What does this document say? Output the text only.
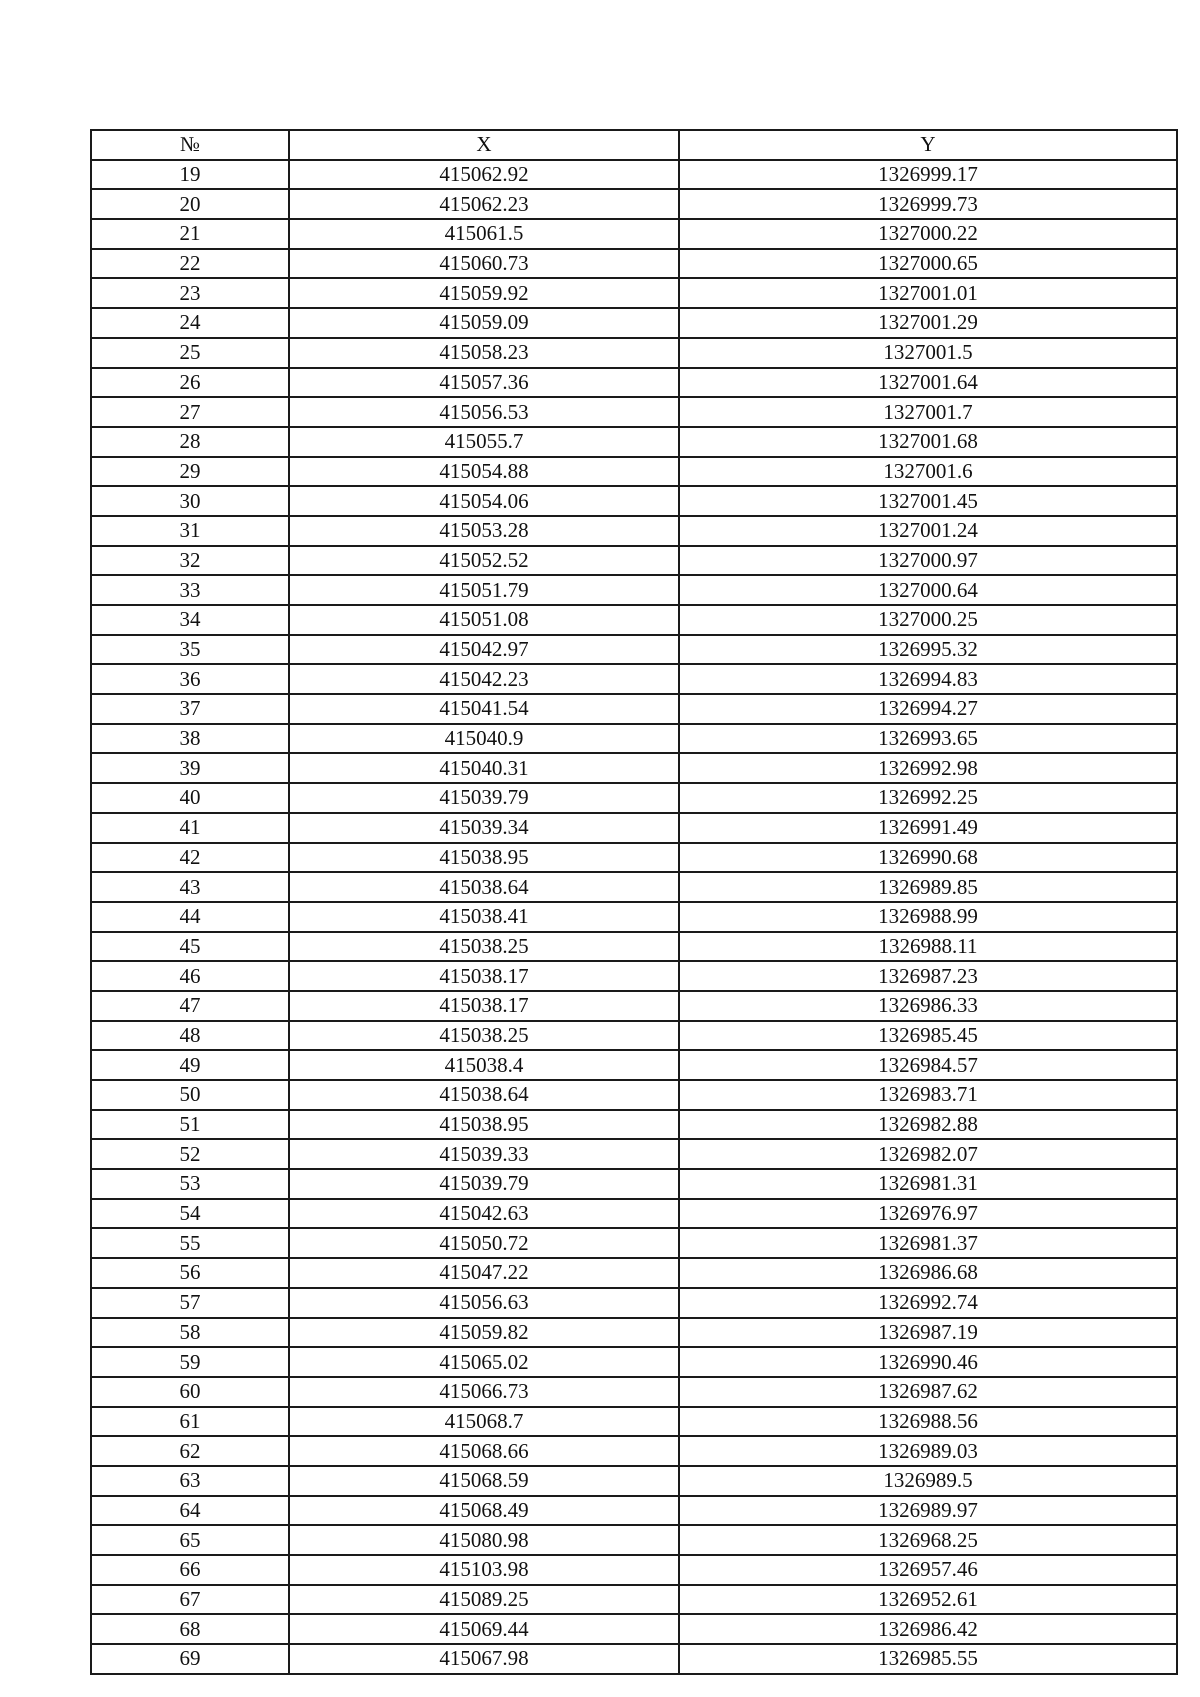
№	X	Y
19	415062.92	1326999.17
20	415062.23	1326999.73
21	415061.5	1327000.22
22	415060.73	1327000.65
23	415059.92	1327001.01
24	415059.09	1327001.29
25	415058.23	1327001.5
26	415057.36	1327001.64
27	415056.53	1327001.7
28	415055.7	1327001.68
29	415054.88	1327001.6
30	415054.06	1327001.45
31	415053.28	1327001.24
32	415052.52	1327000.97
33	415051.79	1327000.64
34	415051.08	1327000.25
35	415042.97	1326995.32
36	415042.23	1326994.83
37	415041.54	1326994.27
38	415040.9	1326993.65
39	415040.31	1326992.98
40	415039.79	1326992.25
41	415039.34	1326991.49
42	415038.95	1326990.68
43	415038.64	1326989.85
44	415038.41	1326988.99
45	415038.25	1326988.11
46	415038.17	1326987.23
47	415038.17	1326986.33
48	415038.25	1326985.45
49	415038.4	1326984.57
50	415038.64	1326983.71
51	415038.95	1326982.88
52	415039.33	1326982.07
53	415039.79	1326981.31
54	415042.63	1326976.97
55	415050.72	1326981.37
56	415047.22	1326986.68
57	415056.63	1326992.74
58	415059.82	1326987.19
59	415065.02	1326990.46
60	415066.73	1326987.62
61	415068.7	1326988.56
62	415068.66	1326989.03
63	415068.59	1326989.5
64	415068.49	1326989.97
65	415080.98	1326968.25
66	415103.98	1326957.46
67	415089.25	1326952.61
68	415069.44	1326986.42
69	415067.98	1326985.55
